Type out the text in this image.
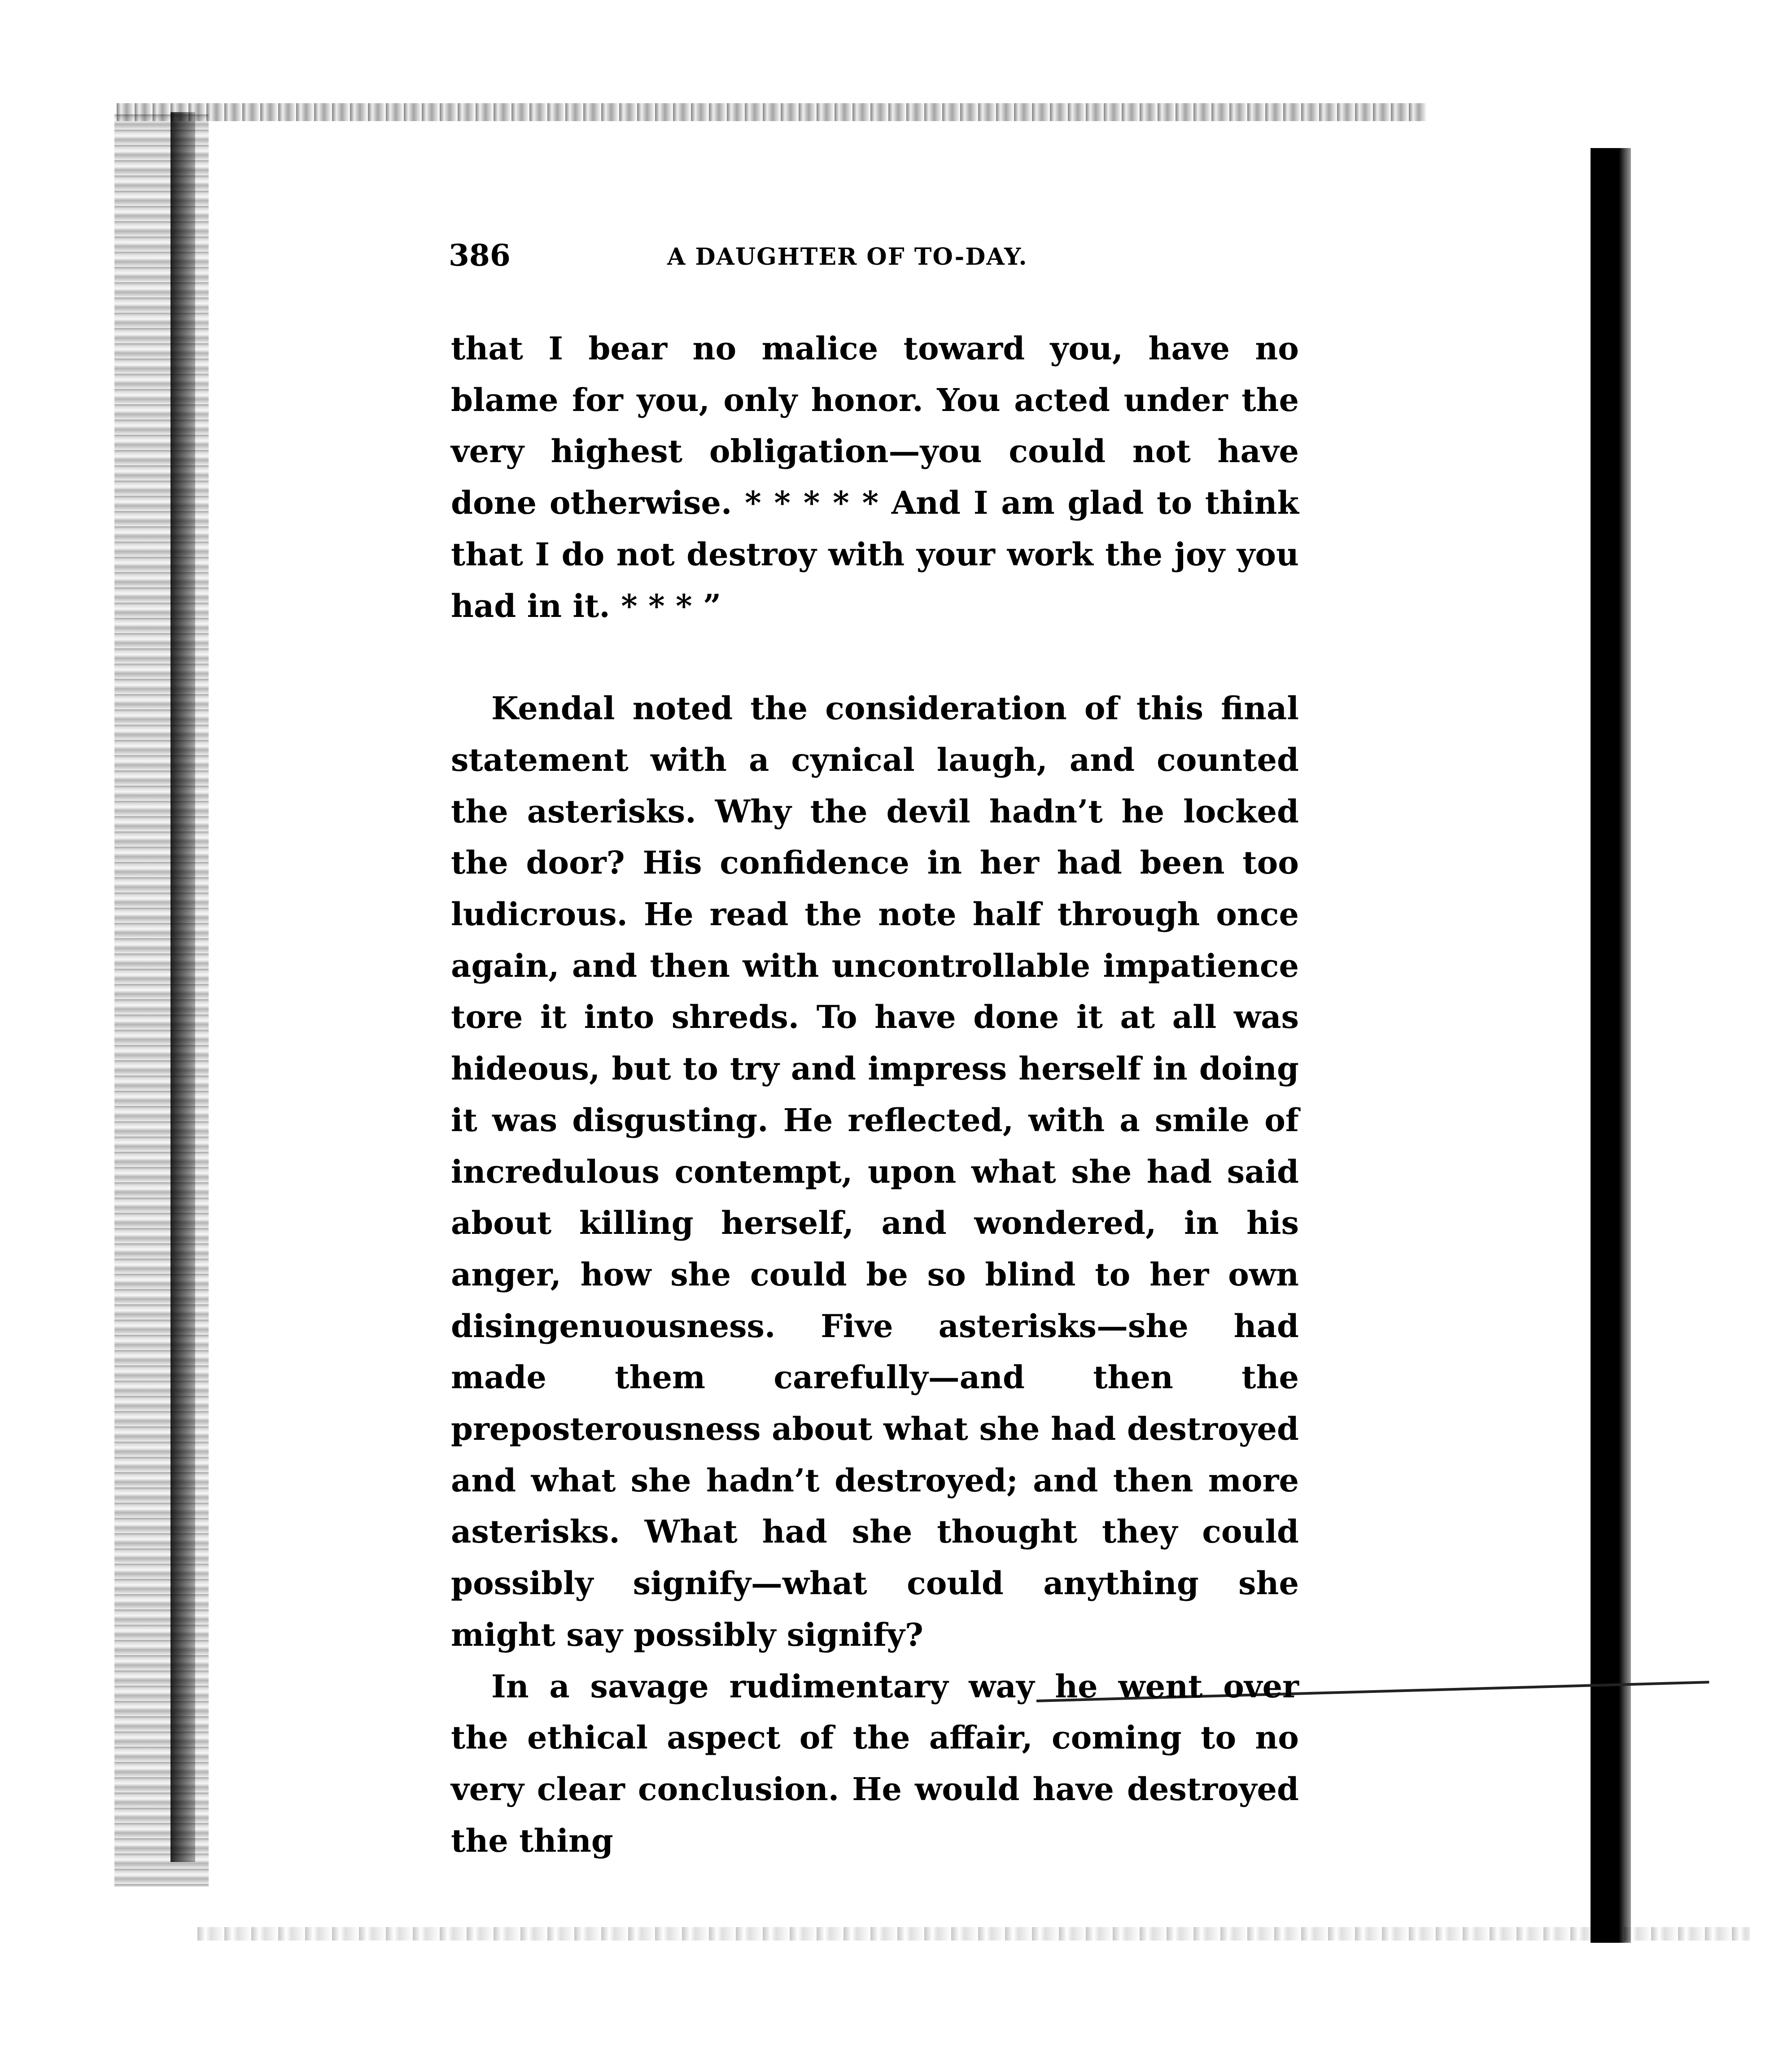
386	A DAUGHTER OF TO-DAY.

that I bear no malice toward you, have no blame for you, only honor. You acted under the very highest obligation—you could not have done otherwise. * * * * * And I am glad to think that I do not destroy with your work the joy you had in it. * * * ”

Kendal noted the consideration of this final statement with a cynical laugh, and counted the asterisks. Why the devil hadn’t he locked the door? His confidence in her had been too ludicrous. He read the note half through once again, and then with uncontrollable impatience tore it into shreds. To have done it at all was hideous, but to try and impress herself in doing it was disgusting. He reflected, with a smile of incredulous contempt, upon what she had said about killing herself, and wondered, in his anger, how she could be so blind to her own disingenuousness. Five asterisks—she had made them carefully—and then the preposterousness about what she had destroyed and what she hadn’t destroyed; and then more asterisks. What had she thought they could possibly signify—what could anything she might say possibly signify?

In a savage rudimentary way he went over the ethical aspect of the affair, coming to no very clear conclusion. He would have destroyed the thing
